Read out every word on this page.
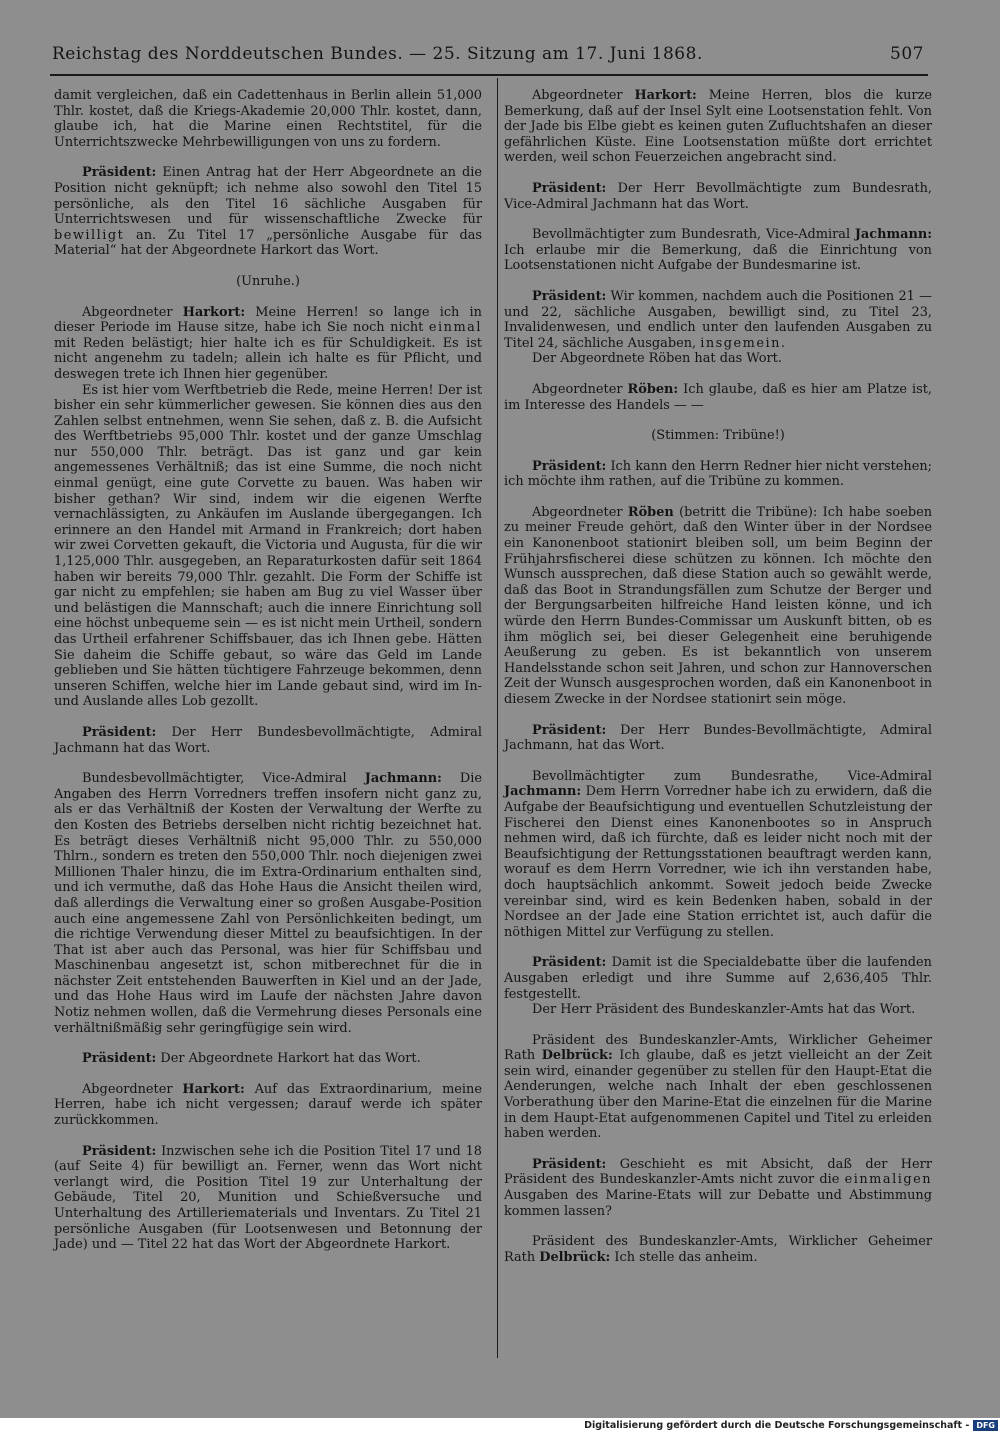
Reichstag des Norddeutschen Bundes. — 25. Sitzung am 17. Juni 1868.	507

damit vergleichen, daß ein Cadettenhaus in Berlin allein 51,000 Thlr. kostet, daß die Kriegs-Akademie 20,000 Thlr. kostet, dann, glaube ich, hat die Marine einen Rechtstitel, für die Unterrichtszwecke Mehrbewilligungen von uns zu fordern.

Präsident: Einen Antrag hat der Herr Abgeordnete an die Position nicht geknüpft; ich nehme also sowohl den Titel 15 persönliche, als den Titel 16 sächliche Ausgaben für Unterrichtswesen und für wissenschaftliche Zwecke für bewilligt an. Zu Titel 17 „persönliche Ausgabe für das Material“ hat der Abgeordnete Harkort das Wort.

(Unruhe.)

Abgeordneter Harkort: Meine Herren! so lange ich in dieser Periode im Hause sitze, habe ich Sie noch nicht einmal mit Reden belästigt; hier halte ich es für Schuldigkeit. Es ist nicht angenehm zu tadeln; allein ich halte es für Pflicht, und deswegen trete ich Ihnen hier gegenüber.

Es ist hier vom Werftbetrieb die Rede, meine Herren! Der ist bisher ein sehr kümmerlicher gewesen. Sie können dies aus den Zahlen selbst entnehmen, wenn Sie sehen, daß z. B. die Aufsicht des Werftbetriebs 95,000 Thlr. kostet und der ganze Umschlag nur 550,000 Thlr. beträgt. Das ist ganz und gar kein angemessenes Verhältniß; das ist eine Summe, die noch nicht einmal genügt, eine gute Corvette zu bauen. Was haben wir bisher gethan? Wir sind, indem wir die eigenen Werfte vernachlässigten, zu Ankäufen im Auslande übergegangen. Ich erinnere an den Handel mit Armand in Frankreich; dort haben wir zwei Corvetten gekauft, die Victoria und Augusta, für die wir 1,125,000 Thlr. ausgegeben, an Reparaturkosten dafür seit 1864 haben wir bereits 79,000 Thlr. gezahlt. Die Form der Schiffe ist gar nicht zu empfehlen; sie haben am Bug zu viel Wasser über und belästigen die Mannschaft; auch die innere Einrichtung soll eine höchst unbequeme sein — es ist nicht mein Urtheil, sondern das Urtheil erfahrener Schiffsbauer, das ich Ihnen gebe. Hätten Sie daheim die Schiffe gebaut, so wäre das Geld im Lande geblieben und Sie hätten tüchtigere Fahrzeuge bekommen, denn unseren Schiffen, welche hier im Lande gebaut sind, wird im In- und Auslande alles Lob gezollt.

Präsident: Der Herr Bundesbevollmächtigte, Admiral Jachmann hat das Wort.

Bundesbevollmächtigter, Vice-Admiral Jachmann: Die Angaben des Herrn Vorredners treffen insofern nicht ganz zu, als er das Verhältniß der Kosten der Verwaltung der Werfte zu den Kosten des Betriebs derselben nicht richtig bezeichnet hat. Es beträgt dieses Verhältniß nicht 95,000 Thlr. zu 550,000 Thlrn., sondern es treten den 550,000 Thlr. noch diejenigen zwei Millionen Thaler hinzu, die im Extra-Ordinarium enthalten sind, und ich vermuthe, daß das Hohe Haus die Ansicht theilen wird, daß allerdings die Verwaltung einer so großen Ausgabe-Position auch eine angemessene Zahl von Persönlichkeiten bedingt, um die richtige Verwendung dieser Mittel zu beaufsichtigen. In der That ist aber auch das Personal, was hier für Schiffsbau und Maschinenbau angesetzt ist, schon mitberechnet für die in nächster Zeit entstehenden Bauwerften in Kiel und an der Jade, und das Hohe Haus wird im Laufe der nächsten Jahre davon Notiz nehmen wollen, daß die Vermehrung dieses Personals eine verhältnißmäßig sehr geringfügige sein wird.

Präsident: Der Abgeordnete Harkort hat das Wort.

Abgeordneter Harkort: Auf das Extraordinarium, meine Herren, habe ich nicht vergessen; darauf werde ich später zurückkommen.

Präsident: Inzwischen sehe ich die Position Titel 17 und 18 (auf Seite 4) für bewilligt an. Ferner, wenn das Wort nicht verlangt wird, die Position Titel 19 zur Unterhaltung der Gebäude, Titel 20, Munition und Schießversuche und Unterhaltung des Artilleriematerials und Inventars. Zu Titel 21 persönliche Ausgaben (für Lootsenwesen und Betonnung der Jade) und — Titel 22 hat das Wort der Abgeordnete Harkort.

Abgeordneter Harkort: Meine Herren, blos die kurze Bemerkung, daß auf der Insel Sylt eine Lootsenstation fehlt. Von der Jade bis Elbe giebt es keinen guten Zufluchtshafen an dieser gefährlichen Küste. Eine Lootsenstation müßte dort errichtet werden, weil schon Feuerzeichen angebracht sind.

Präsident: Der Herr Bevollmächtigte zum Bundesrath, Vice-Admiral Jachmann hat das Wort.

Bevollmächtigter zum Bundesrath, Vice-Admiral Jachmann: Ich erlaube mir die Bemerkung, daß die Einrichtung von Lootsenstationen nicht Aufgabe der Bundesmarine ist.

Präsident: Wir kommen, nachdem auch die Positionen 21 — und 22, sächliche Ausgaben, bewilligt sind, zu Titel 23, Invalidenwesen, und endlich unter den laufenden Ausgaben zu Titel 24, sächliche Ausgaben, insgemein.

Der Abgeordnete Röben hat das Wort.

Abgeordneter Röben: Ich glaube, daß es hier am Platze ist, im Interesse des Handels — —

(Stimmen: Tribüne!)

Präsident: Ich kann den Herrn Redner hier nicht verstehen; ich möchte ihm rathen, auf die Tribüne zu kommen.

Abgeordneter Röben (betritt die Tribüne): Ich habe soeben zu meiner Freude gehört, daß den Winter über in der Nordsee ein Kanonenboot stationirt bleiben soll, um beim Beginn der Frühjahrsfischerei diese schützen zu können. Ich möchte den Wunsch aussprechen, daß diese Station auch so gewählt werde, daß das Boot in Strandungsfällen zum Schutze der Berger und der Bergungsarbeiten hilfreiche Hand leisten könne, und ich würde den Herrn Bundes-Commissar um Auskunft bitten, ob es ihm möglich sei, bei dieser Gelegenheit eine beruhigende Aeußerung zu geben. Es ist bekanntlich von unserem Handelsstande schon seit Jahren, und schon zur Hannoverschen Zeit der Wunsch ausgesprochen worden, daß ein Kanonenboot in diesem Zwecke in der Nordsee stationirt sein möge.

Präsident: Der Herr Bundes-Bevollmächtigte, Admiral Jachmann, hat das Wort.

Bevollmächtigter zum Bundesrathe, Vice-Admiral Jachmann: Dem Herrn Vorredner habe ich zu erwidern, daß die Aufgabe der Beaufsichtigung und eventuellen Schutzleistung der Fischerei den Dienst eines Kanonenbootes so in Anspruch nehmen wird, daß ich fürchte, daß es leider nicht noch mit der Beaufsichtigung der Rettungsstationen beauftragt werden kann, worauf es dem Herrn Vorredner, wie ich ihn verstanden habe, doch hauptsächlich ankommt. Soweit jedoch beide Zwecke vereinbar sind, wird es kein Bedenken haben, sobald in der Nordsee an der Jade eine Station errichtet ist, auch dafür die nöthigen Mittel zur Verfügung zu stellen.

Präsident: Damit ist die Specialdebatte über die laufenden Ausgaben erledigt und ihre Summe auf 2,636,405 Thlr. festgestellt.

Der Herr Präsident des Bundeskanzler-Amts hat das Wort.

Präsident des Bundeskanzler-Amts, Wirklicher Geheimer Rath Delbrück: Ich glaube, daß es jetzt vielleicht an der Zeit sein wird, einander gegenüber zu stellen für den Haupt-Etat die Aenderungen, welche nach Inhalt der eben geschlossenen Vorberathung über den Marine-Etat die einzelnen für die Marine in dem Haupt-Etat aufgenommenen Capitel und Titel zu erleiden haben werden.

Präsident: Geschieht es mit Absicht, daß der Herr Präsident des Bundeskanzler-Amts nicht zuvor die einmaligen Ausgaben des Marine-Etats will zur Debatte und Abstimmung kommen lassen?

Präsident des Bundeskanzler-Amts, Wirklicher Geheimer Rath Delbrück: Ich stelle das anheim.

Digitalisierung gefördert durch die Deutsche Forschungsgemeinschaft - DFG
